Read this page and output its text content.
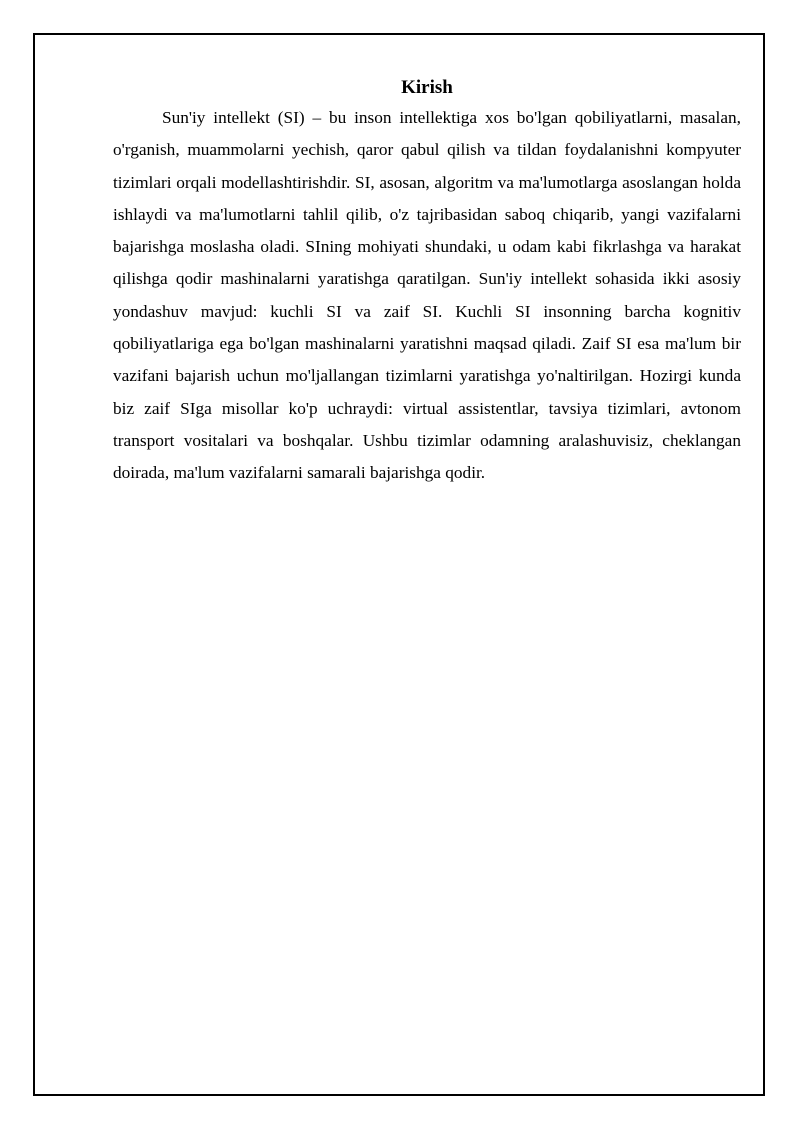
Kirish

Sun'iy intellekt (SI) – bu inson intellektiga xos bo'lgan qobiliyatlarni, masalan, o'rganish, muammolarni yechish, qaror qabul qilish va tildan foydalanishni kompyuter tizimlari orqali modellashtirishdir. SI, asosan, algoritm va ma'lumotlarga asoslangan holda ishlaydi va ma'lumotlarni tahlil qilib, o'z tajribasidan saboq chiqarib, yangi vazifalarni bajarishga moslasha oladi. SIning mohiyati shundaki, u odam kabi fikrlashga va harakat qilishga qodir mashinalarni yaratishga qaratilgan. Sun'iy intellekt sohasida ikki asosiy yondashuv mavjud: kuchli SI va zaif SI. Kuchli SI insonning barcha kognitiv qobiliyatlariga ega bo'lgan mashinalarni yaratishni maqsad qiladi. Zaif SI esa ma'lum bir vazifani bajarish uchun mo'ljallangan tizimlarni yaratishga yo'naltirilgan. Hozirgi kunda biz zaif SIga misollar ko'p uchraydi: virtual assistentlar, tavsiya tizimlari, avtonom transport vositalari va boshqalar. Ushbu tizimlar odamning aralashuvisiz, cheklangan doirada, ma'lum vazifalarni samarali bajarishga qodir.
